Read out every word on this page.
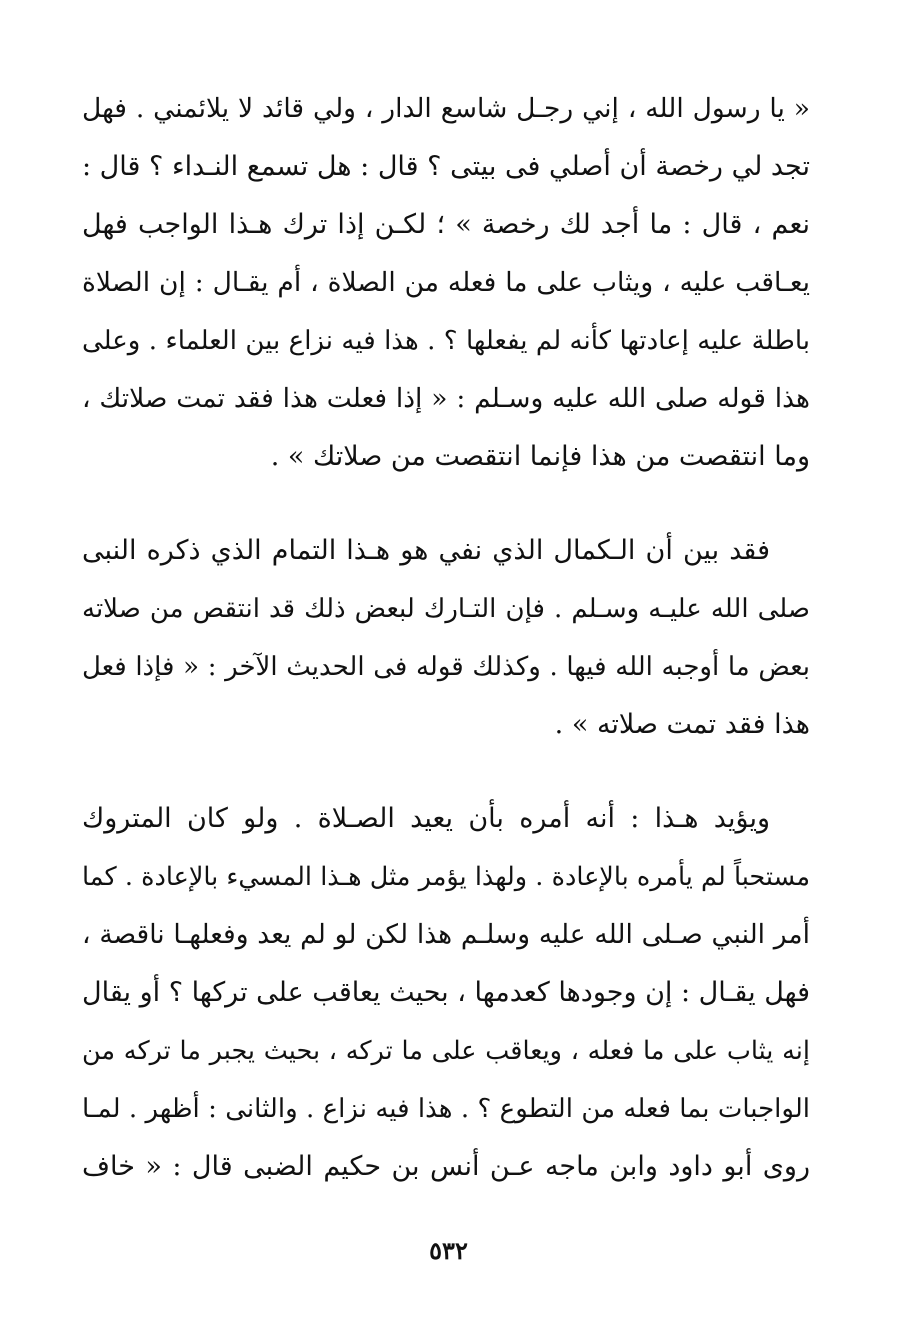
« يا رسول الله ، إني رجـل شاسع الدار ، ولي قائد لا يلائمني . فهل
تجد لي رخصة أن أصلي فى بيتى ؟ قال : هل تسمع النـداء ؟ قال :
نعم ، قال : ما أجد لك رخصة » ؛ لكـن إذا ترك هـذا الواجب فهل
يعـاقب عليه ، ويثاب على ما فعله من الصلاة ، أم يقـال : إن الصلاة
باطلة عليه إعادتها كأنه لم يفعلها ؟ . هذا فيه نزاع بين العلماء . وعلى
هذا قوله صلى الله عليه وسـلم : « إذا فعلت هذا فقد تمت صلاتك ،
وما انتقصت من هذا فإنما انتقصت من صلاتك » .
فقد بين أن الـكمال الذي نفي هو هـذا التمام الذي ذكره النبى
صلى الله عليـه وسـلم . فإن التـارك لبعض ذلك قد انتقص من صلاته
بعض ما أوجبه الله فيها . وكذلك قوله فى الحديث الآخر : « فإذا فعل
هذا فقد تمت صلاته » .
ويؤيد هـذا : أنه أمره بأن يعيد الصـلاة . ولو كان المتروك
مستحباً لم يأمره بالإعادة . ولهذا يؤمر مثل هـذا المسيء بالإعادة . كما
أمر النبي صـلى الله عليه وسلـم هذا لكن لو لم يعد وفعلهـا ناقصة ،
فهل يقـال : إن وجودها كعدمها ، بحيث يعاقب على تركها ؟ أو يقال
إنه يثاب على ما فعله ، ويعاقب على ما تركه ، بحيث يجبر ما تركه من
الواجبات بما فعله من التطوع ؟ . هذا فيه نزاع . والثانى : أظهر . لمـا
روى أبو داود وابن ماجه عـن أنس بن حكيم الضبى قال : « خاف
٥٣٢
